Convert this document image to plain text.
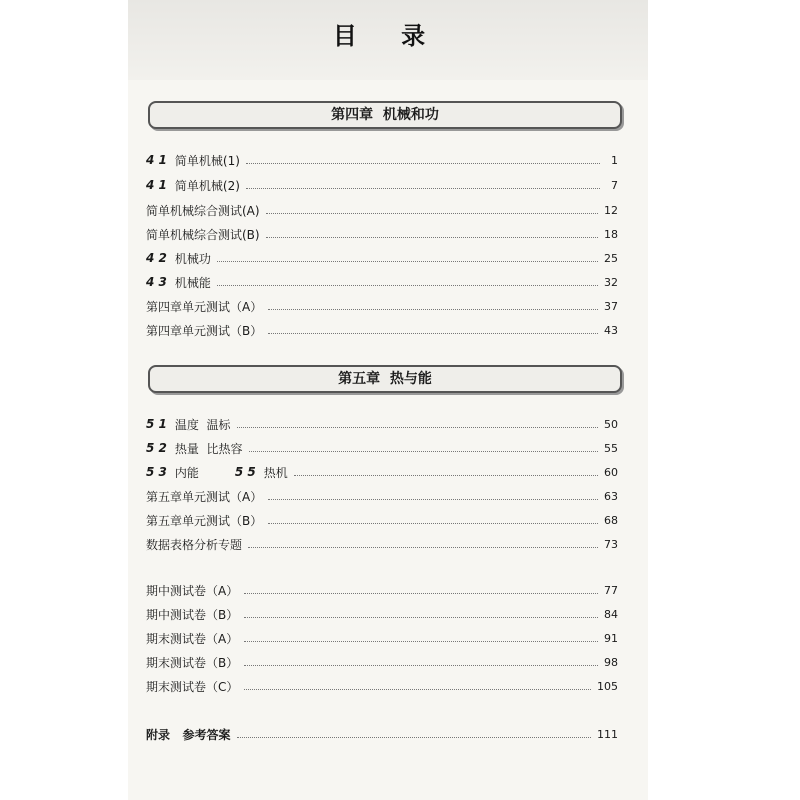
目 录
第四章  机械和功
4 1 简单机械(1)	1
4 1 简单机械(2)	7
简单机械综合测试(A)	12
简单机械综合测试(B)	18
4 2 机械功	25
4 3 机械能	32
第四章单元测试（A）	37
第四章单元测试（B）	43
第五章  热与能
5 1 温度  温标	50
5 2 热量  比热容	55
5 3 内能	5 5 热机	60
第五章单元测试（A）	63
第五章单元测试（B）	68
数据表格分析专题	73
期中测试卷（A）	77
期中测试卷（B）	84
期末测试卷（A）	91
期末测试卷（B）	98
期末测试卷（C）	105
附录   参考答案	111
